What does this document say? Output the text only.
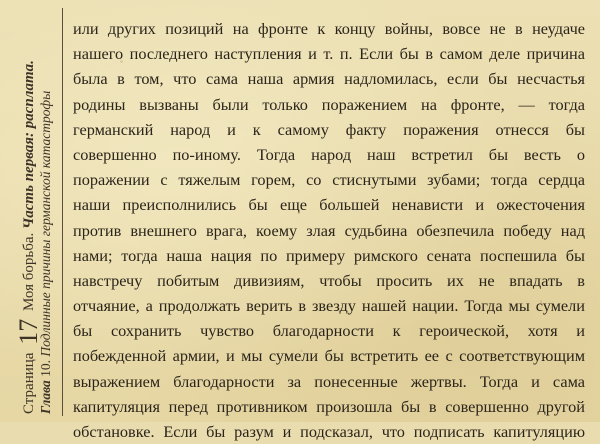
Страница 17 Моя борьба. Часть первая: расплата.
Глава 10. Подлинные причины германской катастрофы
или других позиций на фронте к концу войны, вовсе не в неудаче
нашего последнего наступления и т. п. Если бы в самом деле причина
была в том, что сама наша армия надломилась, если бы несчастья
родины вызваны были только поражением на фронте, — тогда
германский народ и к самому факту поражения отнесся бы
совершенно по-иному. Тогда народ наш встретил бы весть о
поражении с тяжелым горем, со стиснутыми зубами; тогда сердца
наши преисполнились бы еще большей ненависти и ожесточения
против внешнего врага, коему злая судьбина обезпечила победу над
нами; тогда наша нация по примеру римского сената поспешила бы
навстречу побитым дивизиям, чтобы просить их не впадать в
отчаяние, а продолжать верить в звезду нашей нации. Тогда мы сумели
бы сохранить чувство благодарности к героической, хотя и
побежденной армии, и мы сумели бы встретить ее с соответствующим
выражением благодарности за понесенные жертвы. Тогда и сама
капитуляция перед противником произошла бы в совершенно другой
обстановке. Если бы разум и подсказал, что подписать капитуляцию
